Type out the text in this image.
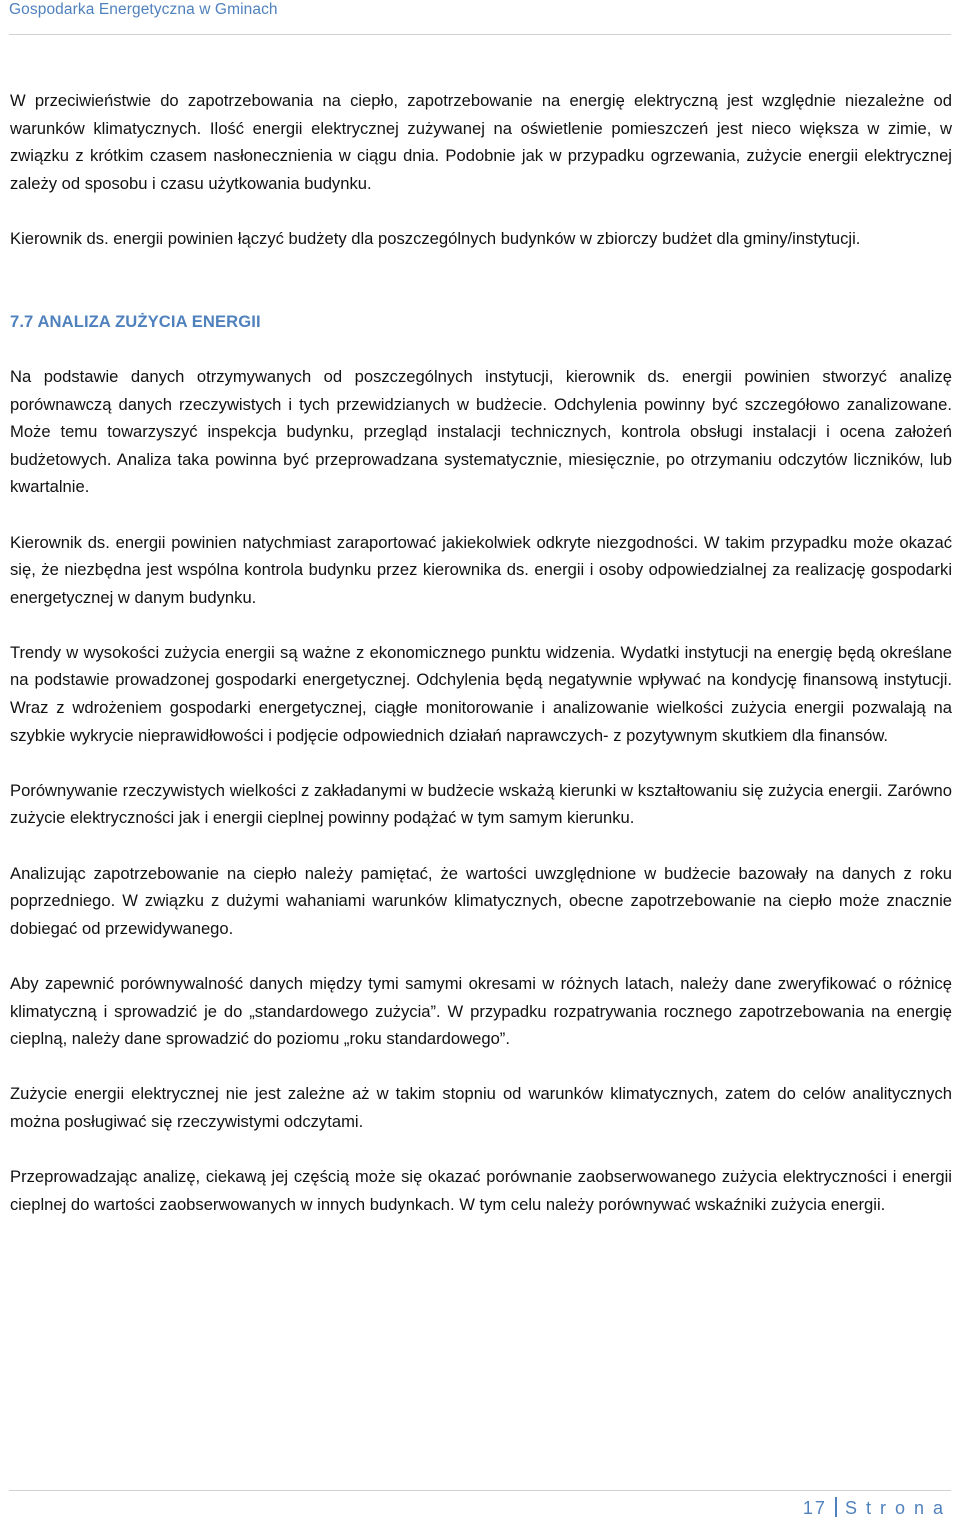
Gospodarka Energetyczna w Gminach

W przeciwieństwie do zapotrzebowania na ciepło, zapotrzebowanie na energię elektryczną jest względnie niezależne od warunków klimatycznych. Ilość energii elektrycznej zużywanej na oświetlenie pomieszczeń jest nieco większa w zimie, w związku z krótkim czasem nasłonecznienia w ciągu dnia. Podobnie jak w przypadku ogrzewania, zużycie energii elektrycznej zależy od sposobu i czasu użytkowania budynku.

Kierownik ds. energii powinien łączyć budżety dla poszczególnych budynków w zbiorczy budżet dla gminy/instytucji.

7.7 ANALIZA ZUŻYCIA ENERGII

Na podstawie danych otrzymywanych od poszczególnych instytucji, kierownik ds. energii powinien stworzyć analizę porównawczą danych rzeczywistych i tych przewidzianych w budżecie. Odchylenia powinny być szczegółowo zanalizowane. Może temu towarzyszyć inspekcja budynku, przegląd instalacji technicznych, kontrola obsługi instalacji i ocena założeń budżetowych. Analiza taka powinna być przeprowadzana systematycznie, miesięcznie, po otrzymaniu odczytów liczników, lub kwartalnie.

Kierownik ds. energii powinien natychmiast zaraportować jakiekolwiek odkryte niezgodności. W takim przypadku może okazać się, że niezbędna jest wspólna kontrola budynku przez kierownika ds. energii i osoby odpowiedzialnej za realizację gospodarki energetycznej w danym budynku.

Trendy w wysokości zużycia energii są ważne z ekonomicznego punktu widzenia. Wydatki instytucji na energię będą określane na podstawie prowadzonej gospodarki energetycznej. Odchylenia będą negatywnie wpływać na kondycję finansową instytucji. Wraz z wdrożeniem gospodarki energetycznej, ciągłe monitorowanie i analizowanie wielkości zużycia energii pozwalają na szybkie wykrycie nieprawidłowości i podjęcie odpowiednich działań naprawczych- z pozytywnym skutkiem dla finansów.

Porównywanie rzeczywistych wielkości z zakładanymi w budżecie wskażą kierunki w kształtowaniu się zużycia energii. Zarówno zużycie elektryczności jak i energii cieplnej powinny podążać w tym samym kierunku.

Analizując zapotrzebowanie na ciepło należy pamiętać, że wartości uwzględnione w budżecie bazowały na danych z roku poprzedniego. W związku z dużymi wahaniami warunków klimatycznych, obecne zapotrzebowanie na ciepło może znacznie dobiegać od przewidywanego.

Aby zapewnić porównywalność danych między tymi samymi okresami w różnych latach, należy dane zweryfikować o różnicę klimatyczną i sprowadzić je do „standardowego zużycia”. W przypadku rozpatrywania rocznego zapotrzebowania na energię cieplną, należy dane sprowadzić do poziomu „roku standardowego”.

Zużycie energii elektrycznej nie jest zależne aż w takim stopniu od warunków klimatycznych, zatem do celów analitycznych można posługiwać się rzeczywistymi odczytami.

Przeprowadzając analizę, ciekawą jej częścią może się okazać porównanie zaobserwowanego zużycia elektryczności i energii cieplnej do wartości zaobserwowanych w innych budynkach. W tym celu należy porównywać wskaźniki zużycia energii.

17 S t r o n a
